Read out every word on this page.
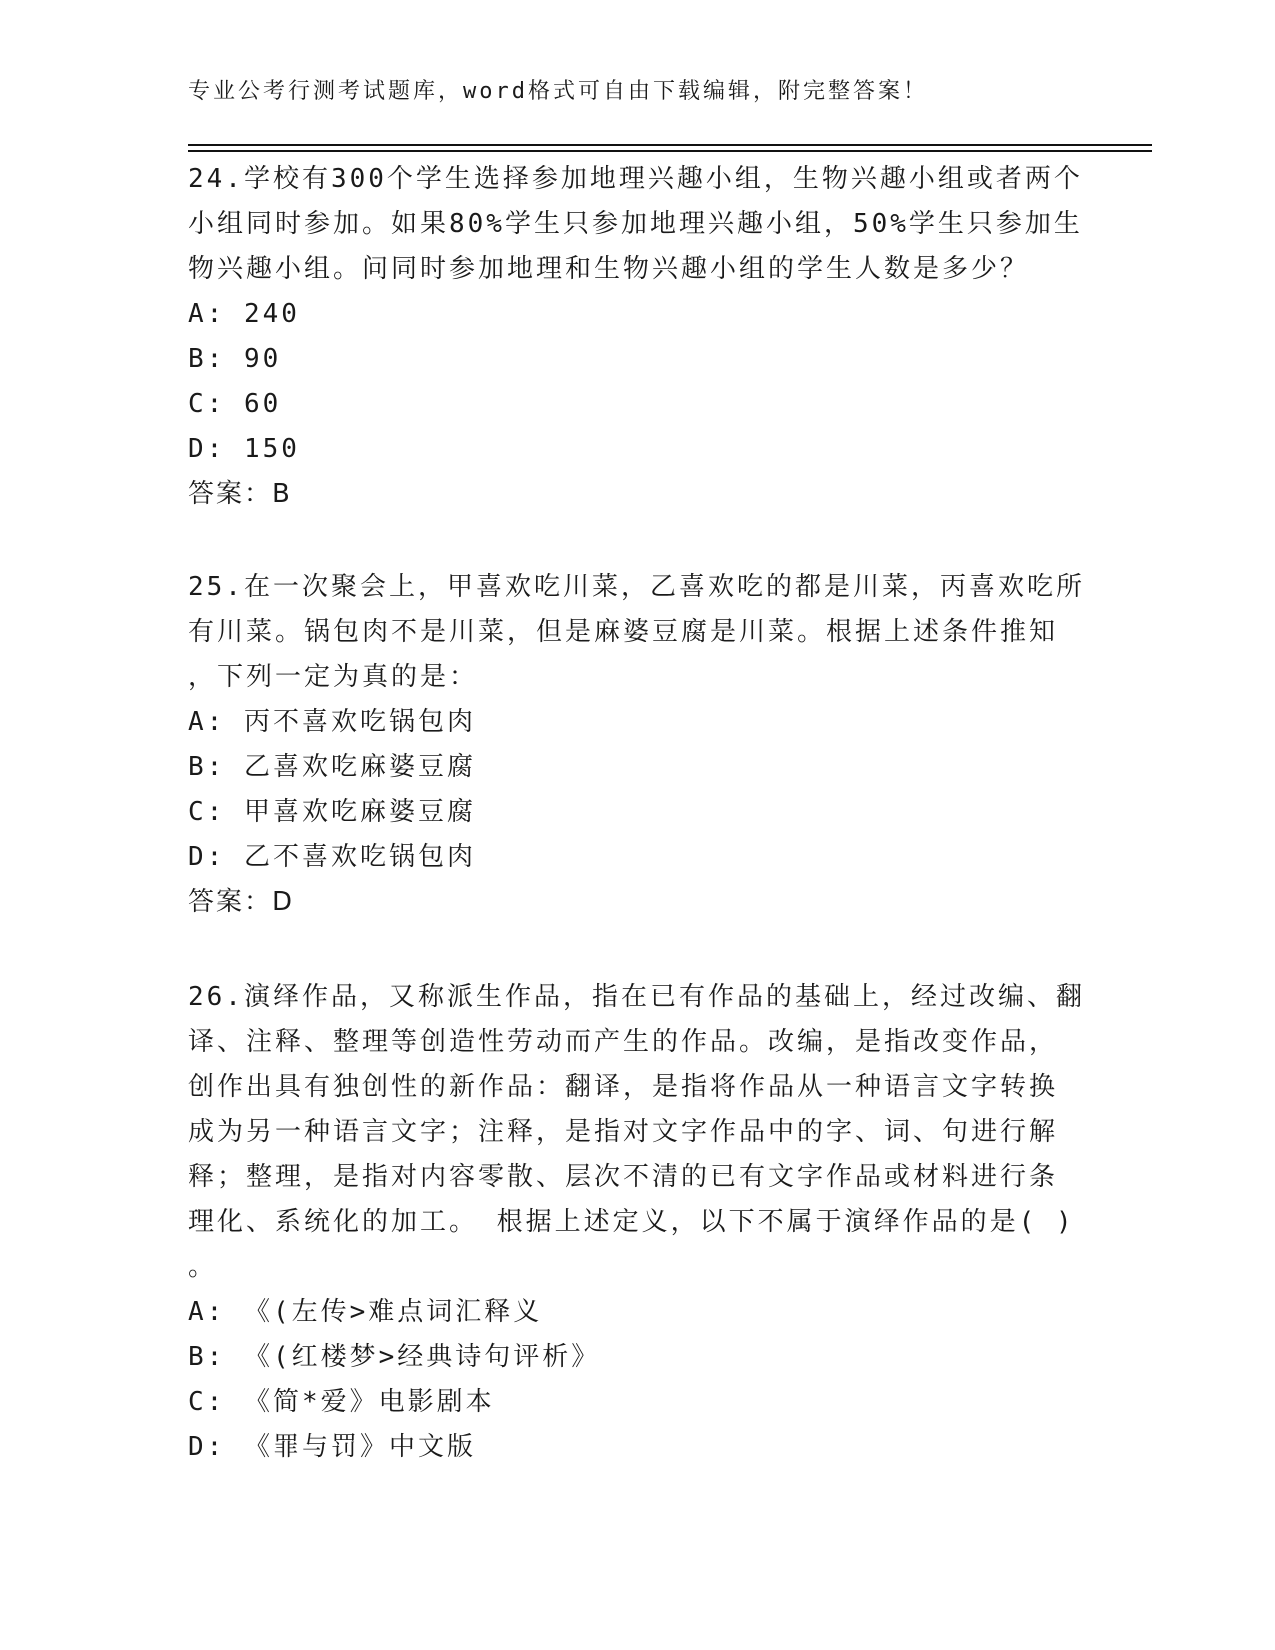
专业公考行测考试题库，word格式可自由下载编辑，附完整答案！
24.学校有300个学生选择参加地理兴趣小组，生物兴趣小组或者两个
小组同时参加。如果80%学生只参加地理兴趣小组，50%学生只参加生
物兴趣小组。问同时参加地理和生物兴趣小组的学生人数是多少？
A: 240
B: 90
C: 60
D: 150
答案：B
25.在一次聚会上，甲喜欢吃川菜，乙喜欢吃的都是川菜，丙喜欢吃所
有川菜。锅包肉不是川菜，但是麻婆豆腐是川菜。根据上述条件推知
，下列一定为真的是：
A: 丙不喜欢吃锅包肉
B: 乙喜欢吃麻婆豆腐
C: 甲喜欢吃麻婆豆腐
D: 乙不喜欢吃锅包肉
答案：D
26.演绎作品，又称派生作品，指在已有作品的基础上，经过改编、翻
译、注释、整理等创造性劳动而产生的作品。改编，是指改变作品，
创作出具有独创性的新作品：翻译，是指将作品从一种语言文字转换
成为另一种语言文字；注释，是指对文字作品中的字、词、句进行解
释；整理，是指对内容零散、层次不清的已有文字作品或材料进行条
理化、系统化的加工。 根据上述定义，以下不属于演绎作品的是( )
。
A: 《(左传>难点词汇释义
B: 《(红楼梦>经典诗句评析》
C: 《简*爱》电影剧本
D: 《罪与罚》中文版
